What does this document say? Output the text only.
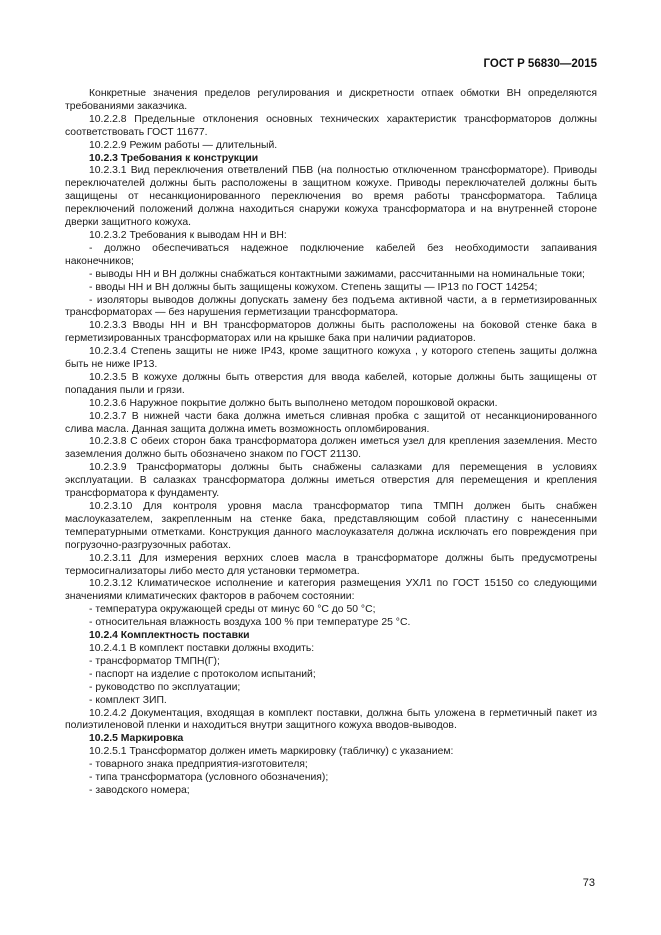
ГОСТ Р 56830—2015

Конкретные значения пределов регулирования и дискретности отпаек обмотки ВН определяются требованиями заказчика.

10.2.2.8 Предельные отклонения основных технических характеристик трансформаторов должны соответствовать ГОСТ 11677.

10.2.2.9 Режим работы — длительный.

10.2.3 Требования к конструкции

10.2.3.1 Вид переключения ответвлений ПБВ (на полностью отключенном трансформаторе). Приводы переключателей должны быть расположены в защитном кожухе. Приводы переключателей должны быть защищены от несанкционированного переключения во время работы трансформатора. Таблица переключений положений должна находиться снаружи кожуха трансформатора и на внутренней стороне дверки защитного кожуха.

10.2.3.2 Требования к выводам НН и ВН:

- должно обеспечиваться надежное подключение кабелей без необходимости запаивания наконечников;

- выводы НН и ВН должны снабжаться контактными зажимами, рассчитанными на номинальные токи;

- вводы НН и ВН должны быть защищены кожухом. Степень защиты — IP13 по ГОСТ 14254;

- изоляторы выводов должны допускать замену без подъема активной части, а в герметизированных трансформаторах — без нарушения герметизации трансформатора.

10.2.3.3 Вводы НН и ВН трансформаторов должны быть расположены на боковой стенке бака в герметизированных трансформаторах или на крышке бака при наличии радиаторов.

10.2.3.4 Степень защиты не ниже IP43, кроме защитного кожуха , у которого степень защиты должна быть не ниже IP13.

10.2.3.5 В кожухе должны быть отверстия для ввода кабелей, которые должны быть защищены от попадания пыли и грязи.

10.2.3.6 Наружное покрытие должно быть выполнено методом порошковой окраски.

10.2.3.7 В нижней части бака должна иметься сливная пробка с защитой от несанкционированного слива масла. Данная защита должна иметь возможность опломбирования.

10.2.3.8 С обеих сторон бака трансформатора должен иметься узел для крепления заземления. Место заземления должно быть обозначено знаком по ГОСТ 21130.

10.2.3.9 Трансформаторы должны быть снабжены салазками для перемещения в условиях эксплуатации. В салазках трансформатора должны иметься отверстия для перемещения и крепления трансформатора к фундаменту.

10.2.3.10 Для контроля уровня масла трансформатор типа ТМПН должен быть снабжен маслоуказателем, закрепленным на стенке бака, представляющим собой пластину с нанесенными температурными отметками. Конструкция данного маслоуказателя должна исключать его повреждения при погрузочно-разгрузочных работах.

10.2.3.11 Для измерения верхних слоев масла в трансформаторе должны быть предусмотрены термосигнализаторы либо место для установки термометра.

10.2.3.12 Климатическое исполнение и категория размещения УХЛ1 по ГОСТ 15150 со следующими значениями климатических факторов в рабочем состоянии:

- температура окружающей среды от минус 60 °С до 50 °С;

- относительная влажность воздуха 100 % при температуре 25 °С.

10.2.4 Комплектность поставки

10.2.4.1 В комплект поставки должны входить:

- трансформатор ТМПН(Г);

- паспорт на изделие с протоколом испытаний;

- руководство по эксплуатации;

- комплект ЗИП.

10.2.4.2 Документация, входящая в комплект поставки, должна быть уложена в герметичный пакет из полиэтиленовой пленки и находиться внутри защитного кожуха вводов-выводов.

10.2.5 Маркировка

10.2.5.1 Трансформатор должен иметь маркировку (табличку) с указанием:

- товарного знака предприятия-изготовителя;

- типа трансформатора (условного обозначения);

- заводского номера;

73
